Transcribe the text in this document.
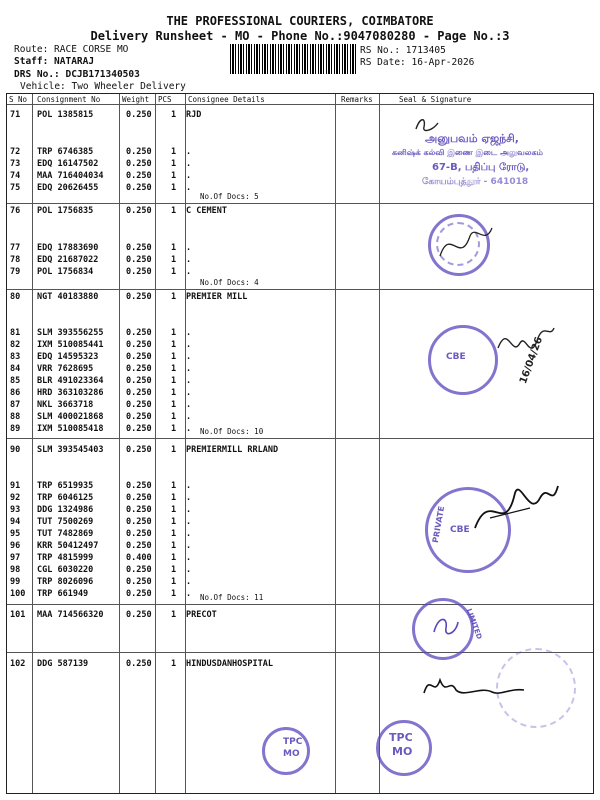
THE PROFESSIONAL COURIERS, COIMBATORE
Delivery Runsheet - MO - Phone No.:9047080280 - Page No.:3
Route: RACE CORSE MO
Staff: NATARAJ
DRS No.: DCJB171340503
Vehicle: Two Wheeler Delivery
RS No.: 1713405
RS Date: 16-Apr-2026
S No Consignment No	Weight PCS Consignee Details	Remarks	Seal & Signature
No.Of Docs: 5
No.Of Docs: 4
No.Of Docs: 10
No.Of Docs: 11
71 POL 1385815	0.250 1 RJD
72 TRP 6746385	0.250 1 .
73 EDQ 16147502	0.250 1 .
74 MAA 716404034	0.250 1 .
75 EDQ 20626455	0.250 1 .
76 POL 1756835	0.250 1 C CEMENT
77 EDQ 17883690	0.250 1 .
78 EDQ 21687022	0.250 1 .
79 POL 1756834	0.250 1 .
80 NGT 40183880	0.250 1 PREMIER MILL
81 SLM 393556255	0.250 1 .
82 IXM 510085441	0.250 1 .
83 EDQ 14595323	0.250 1 .
84 VRR 7628695	0.250 1 .
85 BLR 491023364	0.250 1 .
86 HRD 363103286	0.250 1 .
87 NKL 3663718	0.250 1 .
88 SLM 400021868	0.250 1 .
89 IXM 510085418	0.250 1 .
90 SLM 393545403	0.250 1 PREMIERMILL RRLAND
91 TRP 6519935	0.250 1 .
92 TRP 6046125	0.250 1 .
93 DDG 1324986	0.250 1 .
94 TUT 7500269	0.250 1 .
95 TUT 7482869	0.250 1 .
96 KRR 50412497	0.250 1 .
97 TRP 4815999	0.400 1 .
98 CGL 6030220	0.250 1 .
99 TRP 8026096	0.250 1 .
100 TRP 661949	0.250 1 .
101 MAA 714566320	0.250 1 PRECOT
102 DDG 587139	0.250 1 HINDUSDANHOSPITAL
அனுபவம் ஏஜந்சி,
கனிஷ்க் கல்வி இணை இடை அலுவலகம்
67-B, பதிப்பு ரோடு,
கோயம்புத்தூர் - 641018
CBE	16/04/26
CBE
PRIVATE
LIMITED
TPC
MO
TPC
MO
